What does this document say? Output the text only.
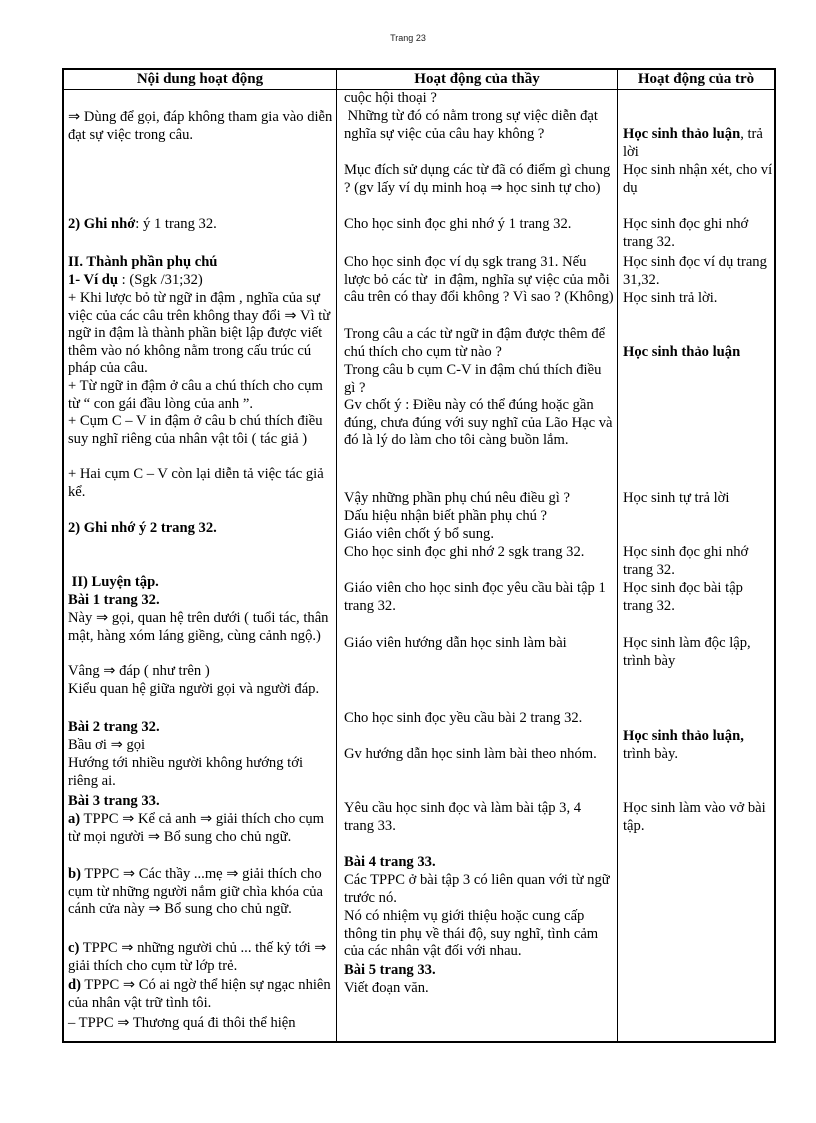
Trang 23
Nội dung hoạt động	Hoạt động của thầy	Hoạt động của trò
⇒ Dùng để gọi, đáp không tham gia vào diễn đạt sự việc trong câu.
2) Ghi nhớ: ý 1 trang 32.
II. Thành phần phụ chú
1- Ví dụ : (Sgk /31;32)
+ Khi lược bỏ từ ngữ in đậm , nghĩa của sự việc của các câu trên không thay đổi ⇒ Vì từ ngữ in đậm là thành phần biệt lập được viết thêm vào nó không nằm trong cấu trúc cú pháp của câu.
+ Từ ngữ in đậm ở câu a chú thích cho cụm từ “ con gái đầu lòng của anh ”.
+ Cụm C – V in đậm ở câu b chú thích điều suy nghĩ riêng của nhân vật tôi ( tác giả )
+ Hai cụm C – V còn lại diễn tả việc tác giả kể.
2) Ghi nhớ ý 2 trang 32.
II) Luyện tập.
Bài 1 trang 32.
Này ⇒ gọi, quan hệ trên dưới ( tuổi tác, thân mật, hàng xóm láng giềng, cùng cảnh ngộ.)
Vâng ⇒ đáp ( như trên )
Kiểu quan hệ giữa người gọi và người đáp.
Bài 2 trang 32.
Bầu ơi ⇒ gọi
Hướng tới nhiều người không hướng tới riêng ai.
Bài 3 trang 33.
a) TPPC ⇒ Kể cả anh ⇒ giải thích cho cụm từ mọi người ⇒ Bổ sung cho chủ ngữ.
b) TPPC ⇒ Các thầy ...mẹ ⇒ giải thích cho cụm từ những người nắm giữ chìa khóa của cánh cửa này ⇒ Bổ sung cho chủ ngữ.
c) TPPC ⇒ những người chủ ... thế kỷ tới ⇒ giải thích cho cụm từ lớp trẻ.
d) TPPC ⇒ Có ai ngờ thể hiện sự ngạc nhiên của nhân vật trữ tình tôi.
– TPPC ⇒ Thương quá đi thôi thể hiện
cuộc hội thoại ?
Những từ đó có nằm trong sự việc diễn đạt nghĩa sự việc của câu hay không ?
Mục đích sử dụng các từ đã có điểm gì chung ? (gv lấy ví dụ minh hoạ ⇒ học sinh tự cho)
Cho học sinh đọc ghi nhớ ý 1 trang 32.
Cho học sinh đọc ví dụ sgk trang 31. Nếu lược bỏ các từ  in đậm, nghĩa sự việc của mỗi câu trên có thay đổi không ? Vì sao ? (Không)
Trong câu a các từ ngữ in đậm được thêm để chú thích cho cụm từ nào ?
Trong câu b cụm C-V in đậm chú thích điều gì ?
Gv chốt ý : Điều này có thể đúng hoặc gần đúng, chưa đúng với suy nghĩ của Lão Hạc và đó là lý do làm cho tôi càng buồn lắm.
Vậy những phần phụ chú nêu điều gì ?
Dấu hiệu nhận biết phần phụ chú ?
Giáo viên chốt ý bổ sung.
Cho học sinh đọc ghi nhớ 2 sgk trang 32.
Giáo viên cho học sinh đọc yêu cầu bài tập 1 trang 32.
Giáo viên hướng dẫn học sinh làm bài
Cho học sinh đọc yều cầu bài 2 trang 32.
Gv hướng dẫn học sinh làm bài theo nhóm.
Yêu cầu học sinh đọc và làm bài tập 3, 4 trang 33.
Bài 4 trang 33.
Các TPPC ở bài tập 3 có liên quan với từ ngữ trước nó.
Nó có nhiệm vụ giới thiệu hoặc cung cấp thông tin phụ về thái độ, suy nghĩ, tình cảm của các nhân vật đối với nhau.
Bài 5 trang 33.
Viết đoạn văn.
Học sinh thảo luận, trả lời
Học sinh nhận xét, cho ví dụ
Học sinh đọc ghi nhớ trang 32.
Học sinh đọc ví dụ trang 31,32.
Học sinh trả lời.
Học sinh thảo luận
Học sinh tự trả lời
Học sinh đọc ghi nhớ trang 32.
Học sinh đọc bài tập trang 32.
Học sinh làm độc lập, trình bày
Học sinh thảo luận, trình bày.
Học sinh làm vào vở bài tập.
